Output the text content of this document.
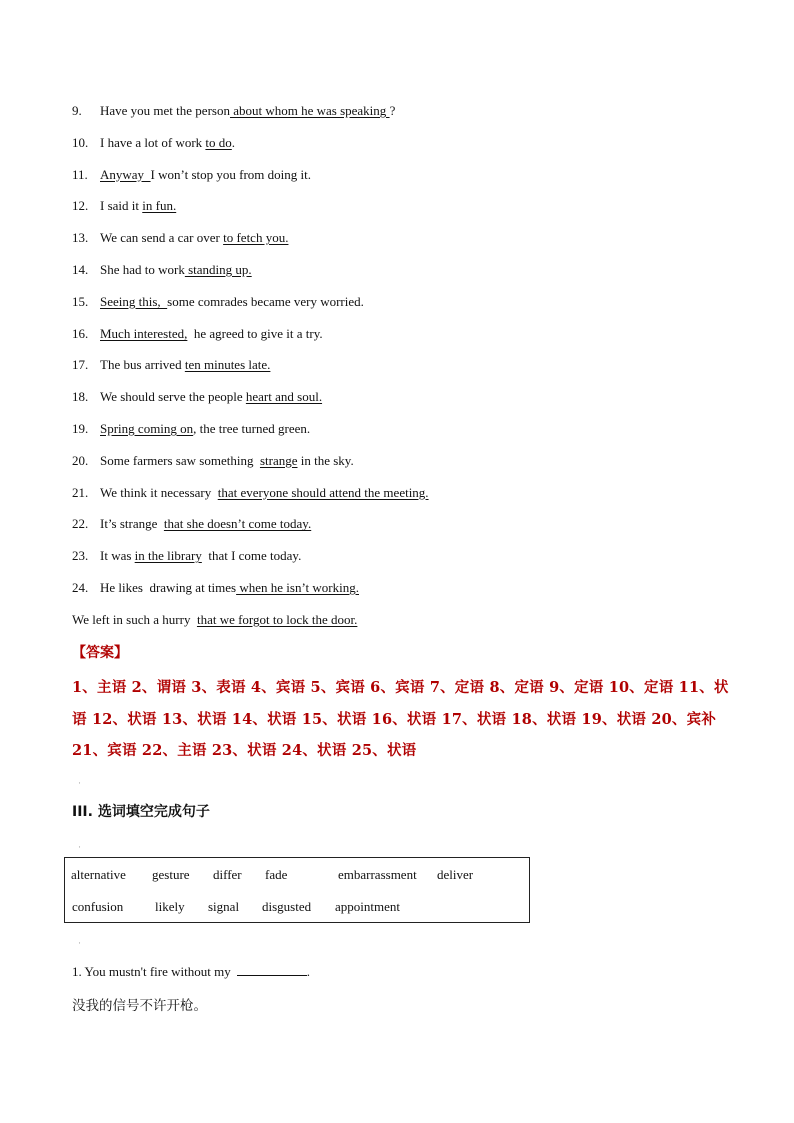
9. Have you met the person about whom he was speaking ?
10. I have a lot of work to do.
11. Anyway  I won’t stop you from doing it.
12. I said it in fun.
13. We can send a car over to fetch you.
14. She had to work standing up.
15. Seeing this,  some comrades became very worried.
16. Much interested,  he agreed to give it a try.
17. The bus arrived ten minutes late.
18. We should serve the people heart and soul.
19. Spring coming on, the tree turned green.
20. Some farmers saw something  strange in the sky.
21. We think it necessary  that everyone should attend the meeting.
22. It’s strange  that she doesn’t come today.
23. It was in the library  that I come today.
24. He likes  drawing at times when he isn’t working.
We left in such a hurry  that we forgot to lock the door.
【答案】
1、主语 2、谓语 3、表语 4、宾语 5、宾语 6、宾语 7、定语 8、定语 9、定语 10、定语 11、状语 12、状语 13、状语 14、状语 15、状语 16、状语 17、状语 18、状语 19、状语 20、宾补 21、宾语 22、主语 23、状语 24、状语 25、状语
·
III. 选词填空完成句子
·
alternative gesture differ fade	embarrassment deliver
confusion likely signal disgusted appointment
·
1. You mustn't fire without my	.
没我的信号不许开枪。
